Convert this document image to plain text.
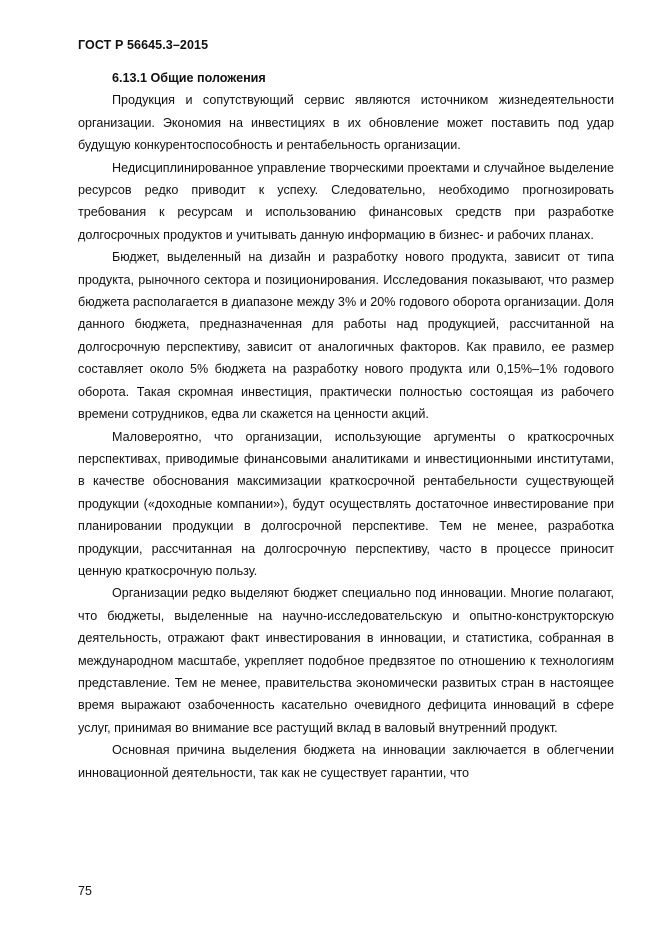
ГОСТ Р 56645.3–2015

6.13.1 Общие положения

Продукция и сопутствующий сервис являются источником жизнедеятельности организации. Экономия на инвестициях в их обновление может поставить под удар будущую конкурентоспособность и рентабельность организации.

Недисциплинированное управление творческими проектами и случайное выделение ресурсов редко приводит к успеху. Следовательно, необходимо прогнозировать требования к ресурсам и использованию финансовых средств при разработке долгосрочных продуктов и учитывать данную информацию в бизнес- и рабочих планах.

Бюджет, выделенный на дизайн и разработку нового продукта, зависит от типа продукта, рыночного сектора и позиционирования. Исследования показывают, что размер бюджета располагается в диапазоне между 3% и 20% годового оборота организации. Доля данного бюджета, предназначенная для работы над продукцией, рассчитанной на долгосрочную перспективу, зависит от аналогичных факторов. Как правило, ее размер составляет около 5% бюджета на разработку нового продукта или 0,15%–1% годового оборота. Такая скромная инвестиция, практически полностью состоящая из рабочего времени сотрудников, едва ли скажется на ценности акций.

Маловероятно, что организации, использующие аргументы о краткосрочных перспективах, приводимые финансовыми аналитиками и инвестиционными институтами, в качестве обоснования максимизации краткосрочной рентабельности существующей продукции («доходные компании»), будут осуществлять достаточное инвестирование при планировании продукции в долгосрочной перспективе. Тем не менее, разработка продукции, рассчитанная на долгосрочную перспективу, часто в процессе приносит ценную краткосрочную пользу.

Организации редко выделяют бюджет специально под инновации. Многие полагают, что бюджеты, выделенные на научно-исследовательскую и опытно-конструкторскую деятельность, отражают факт инвестирования в инновации, и статистика, собранная в международном масштабе, укрепляет подобное предвзятое по отношению к технологиям представление. Тем не менее, правительства экономически развитых стран в настоящее время выражают озабоченность касательно очевидного дефицита инноваций в сфере услуг, принимая во внимание все растущий вклад в валовый внутренний продукт.

Основная причина выделения бюджета на инновации заключается в облегчении инновационной деятельности, так как не существует гарантии, что

75
